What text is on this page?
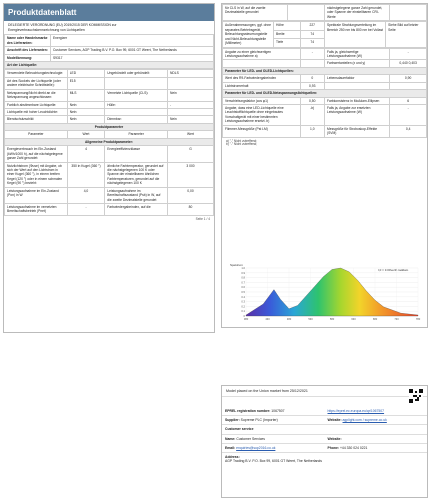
Produktdatenblatt
DELEGIERTE VERORDNUNG (EU) 2019/2015 DER KOMMISSION zur
Energieverbrauchskennzeichnung von Lichtquellen
Name oder Handelsmarke des Lieferanten:	Energizer
Anschrift des Lieferanten:	Customer Services, AGP Trading B.V. P.O. Box 99, 6001 GT Weert, The Netherlands
Modellkennung:	S9317
Art der Lichtquelle:	
Verwendete Beleuchtungstechnologie:	LED	Ungebündelt oder gebündelt:	NDLS
Art des Sockels der Lichtquelle (oder andere elektrische Schnittstelle):	E15		
Netzspannung/Nicht direkt an die Netzspannung angeschlossen:	MLS	Vernetzte Lichtquelle (CLS):	Nein
Farblich abstimmbare Lichtquelle:	Nein	Hülle:	-
Lichtquelle mit hoher Leuchtdichte:	Nein		
Blendschutzschild:	Nein	Dimmbar:	Nein
Produktparameter			
Parameter	Wert	Parameter	Wert
Allgemeine Produktparameter:			
Energieverbrauch im Ein-Zustand (kWh/1000 h), auf die nächstgelegene ganze Zahl gerundet:	4	Energieeffizienzklasse	G
Nutzlichtstrom (Φuse) mit Angabe, ob sich der Wert auf den Lichtstrom in einer Kugel (360 °), in einem breiten Kegel (120 °) oder in einem schmalen Kegel (90 °) bezieht:	350 in Kugel (360 °)	ähnliche Farbtemperatur, gerundet auf die nächstgelegenen 100 K oder Spanne der einstellbaren ähnlichen Farbtemperaturen, gerundet auf die nächstgelegenen 100 K	3 000
Leistungsaufnahme im Ein-Zustand (Pon) in W	4,0	Leistungsaufnahme im Bereitschaftszustand (Psb) in W, auf die zweite Dezimalstelle gerundet	0,00
Leistungsaufnahme im vernetzten Bereitschaftsbetrieb (Pnet)	-	Farbwiedergabeindex, auf die	80
Seite 1 / 4
für CLS in W, auf die zweite Dezimalstelle gerundet		nächstgelegene ganze Zahl gerundet, oder Spanne der einstellbaren CRI-Werte	
Außenabmessungen, ggf. ohne separates Betriebsgerät, Beleuchtungssteuerungsteile und Nicht-Beleuchtungsteile (Millimeter)	Höhe	227	Spektrale Strahlungsverteilung im Bereich 250 nm bis 800 nm bei Vollast	Siehe Bild auf letzter Seite
	Breite	74		
	Tiefe	74		
Angabe zu einer gleichwertigen Leistungsaufnahme a)	-	Falls ja, gleichwertige Leistungsaufnahme (W)	-
		Farbwertanteilen (x und y)	0,440 0,403
Parameter für LED- und OLED-Lichtquellen:			
Wert des R9-Farbwiedergabeindex	0	Lebensdauerfaktor	0,90
Lichtstromerhalt	0,93		
Parameter für LED- und OLED-Netzspannungslichtquellen:			
Verschiebungsfaktor (cos φ1)	0,50	Farbkonsistenz in McAdam-Ellipsen	6
Angabe, dass eine LED-Lichtquelle eine Leuchtstofflichtquelle ohne eingebautes Vorschaltgerät mit einer bestimmten Leistungsaufnahme ersetzt. b)	-b)	Falls ja, Angabe zur ersetzten Leistungsaufnahme (W)	-
Flimmer-Messgröße (Pst LM)	1,0	Messgröße für Stroboskop-Effekte (SVM)	0,4
a) "-" Nicht zutreffend;
b) "-" Nicht zutreffend;
Spektrum
I,0 = 3.00verth raddam
1.0
0.9
0.8
0.7
0.6
0.5
0.4
0.3
0.2
0.1
0
380	430	480	530	580	630	680	730	780
Model placed on the Union market from 25/12/2021
EPREL registration number: 1067507	https://eprel.ec.europa.eu/qr/1067507
Supplier: Supreme PLC (Importer)	Website: agplight.com / supreme.co.uk
Customer service
Name: Customer Services	Website:
Email: enquiries@sup2016.co.uk	Phone: +44 330 024 0221
Address:
AGP Trading B.V. P.O. Box 99, 6001 GT Weert, The Netherlands
